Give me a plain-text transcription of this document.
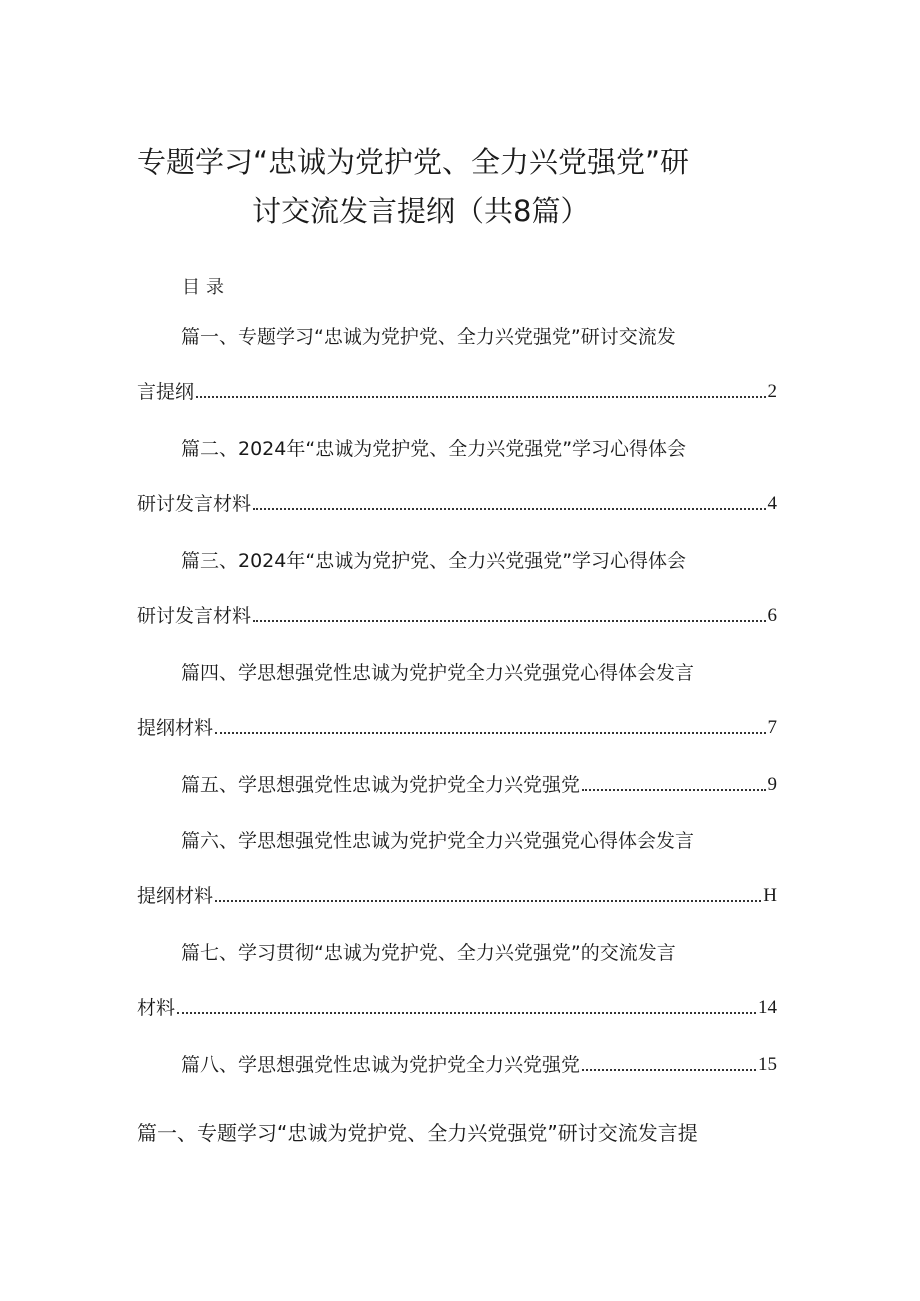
专题学习“忠诚为党护党、全力兴党强党”研
讨交流发言提纲（共8篇）
目录
篇一、专题学习“忠诚为党护党、全力兴党强党”研讨交流发
言提纲	2
篇二、2024年“忠诚为党护党、全力兴党强党”学习心得体会
研讨发言材料	4
篇三、2024年“忠诚为党护党、全力兴党强党”学习心得体会
研讨发言材料	6
篇四、学思想强党性忠诚为党护党全力兴党强党心得体会发言
提纲材料	7
篇五、学思想强党性忠诚为党护党全力兴党强党	9
篇六、学思想强党性忠诚为党护党全力兴党强党心得体会发言
提纲材料	H
篇七、学习贯彻“忠诚为党护党、全力兴党强党”的交流发言
材料	14
篇八、学思想强党性忠诚为党护党全力兴党强党	15
篇一、专题学习“忠诚为党护党、全力兴党强党”研讨交流发言提
